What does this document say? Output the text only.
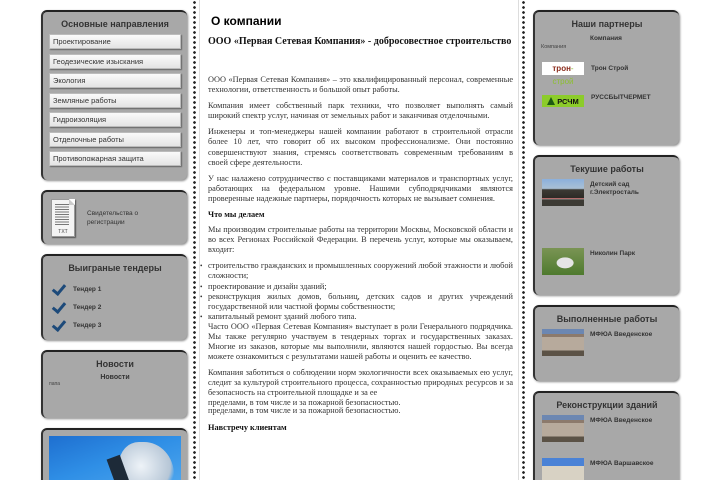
Основные направления
Проектирование
Геодезические изыскания
Экология
Земляные работы
Гидроизоляция
Отделочные работы
Противопожарная защита
TXT
Свидетельства о регистрации
Выиграные тендеры
Тендер 1
Тендер 2
Тендер 3
Новости
Новости
папа
О компании
ООО «Первая Сетевая Компания» - добросовестное строительство

ООО «Первая Сетевая Компания» – это квалифицированный персонал, современные технологии, ответственность и большой опыт работы.

Компания имеет собственный парк техники, что позволяет выполнять самый широкий спектр услуг, начиная от земельных работ и заканчивая отделочными.

Инженеры и топ-менеджеры нашей компании работают в строительной отрасли более 10 лет, что говорит об их высоком профессионализме. Они постоянно совершенствуют знания, стремясь соответствовать современным требованиям в своей сфере деятельности.

У нас налажено сотрудничество с поставщиками материалов и транспортных услуг, работающих на федеральном уровне. Нашими субподрядчиками являются проверенные надежные партнеры, порядочность которых не вызывает сомнения.

Что мы делаем

Мы производим строительные работы на территории Москвы, Московской области и во всех Регионах Российской Федерации. В перечень услуг, которые мы оказываем, входит:

• строительство гражданских и промышленных сооружений любой этажности и любой сложности;
• проектирование и дизайн зданий;
• реконструкция жилых домов, больниц, детских садов и других учреждений государственной или частной формы собственности;
• капитальный ремонт зданий любого типа.

Часто ООО «Первая Сетевая Компания» выступает в роли Генерального подрядчика. Мы также регулярно участвуем в тендерных торгах и государственных заказах. Многие из заказов, которые мы выполнили, являются нашей гордостью. Вы всегда можете ознакомиться с результатами нашей работы и оценить ее качество.

Компания заботиться о соблюдении норм экологичности всех оказываемых ею услуг, следит за культурой строительного процесса, сохранностью природных ресурсов и за безопасность на строительной площадке и за ее

пределами, в том числе и за пожарной безопасностью.
пределами, в том числе и за пожарной безопасностью.
Навстречу клиентам
Наши партнеры
Компания
Компания
трон-строй
Трон Строй
РСЧМ РУССБЫТЧЕРМЕТ
Текушие работы
Детский сад г.Электросталь
Николин Парк
Выполненные работы
МФЮА Введенское
Реконструкции зданий
МФЮА Введенское
МФЮА Варшавское
